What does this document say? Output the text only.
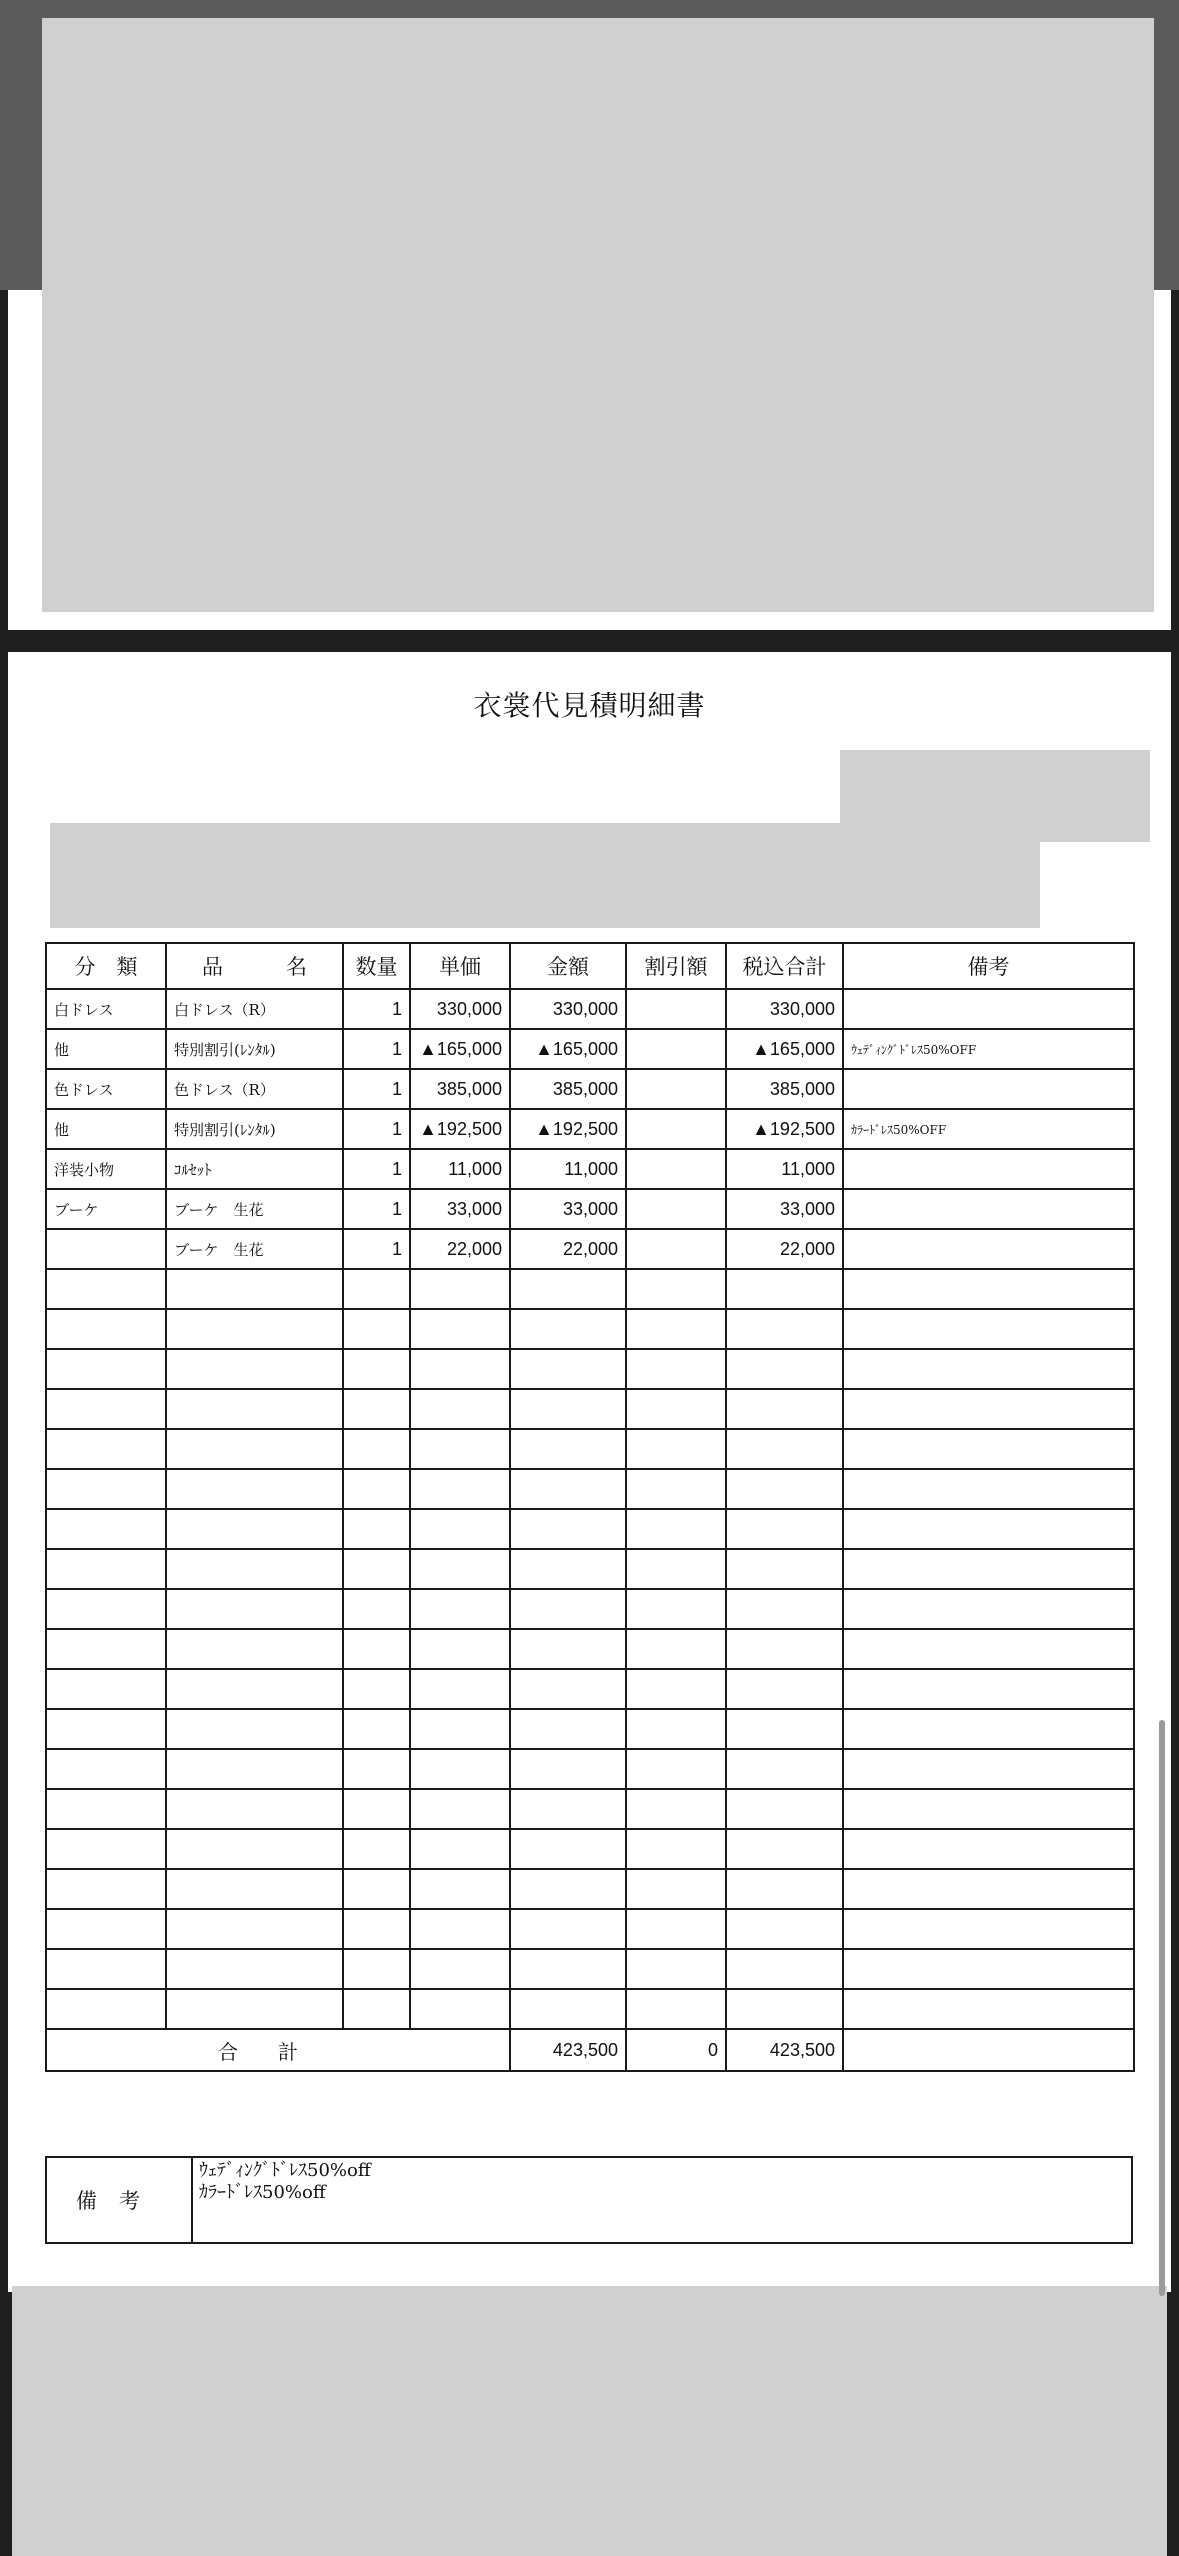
衣裳代見積明細書
分　類	品　　　名	数量	単価	金額	割引額	税込合計	備考
白ドレス	白ドレス（R）	1	330,000	330,000		330,000	
他	特別割引(ﾚﾝﾀﾙ)	1	▲165,000	▲165,000		▲165,000	ｳｪﾃﾞｨﾝｸﾞﾄﾞﾚｽ50%OFF
色ドレス	色ドレス（R）	1	385,000	385,000		385,000	
他	特別割引(ﾚﾝﾀﾙ)	1	▲192,500	▲192,500		▲192,500	ｶﾗｰﾄﾞﾚｽ50%OFF
洋装小物	ｺﾙｾｯﾄ	1	11,000	11,000		11,000	
ブーケ	ブーケ　生花	1	33,000	33,000		33,000	
	ブーケ　生花	1	22,000	22,000		22,000	

合計				423,500	0	423,500	
備考	
ｳｪﾃﾞｨﾝｸﾞﾄﾞﾚｽ50%off
ｶﾗｰﾄﾞﾚｽ50%off
